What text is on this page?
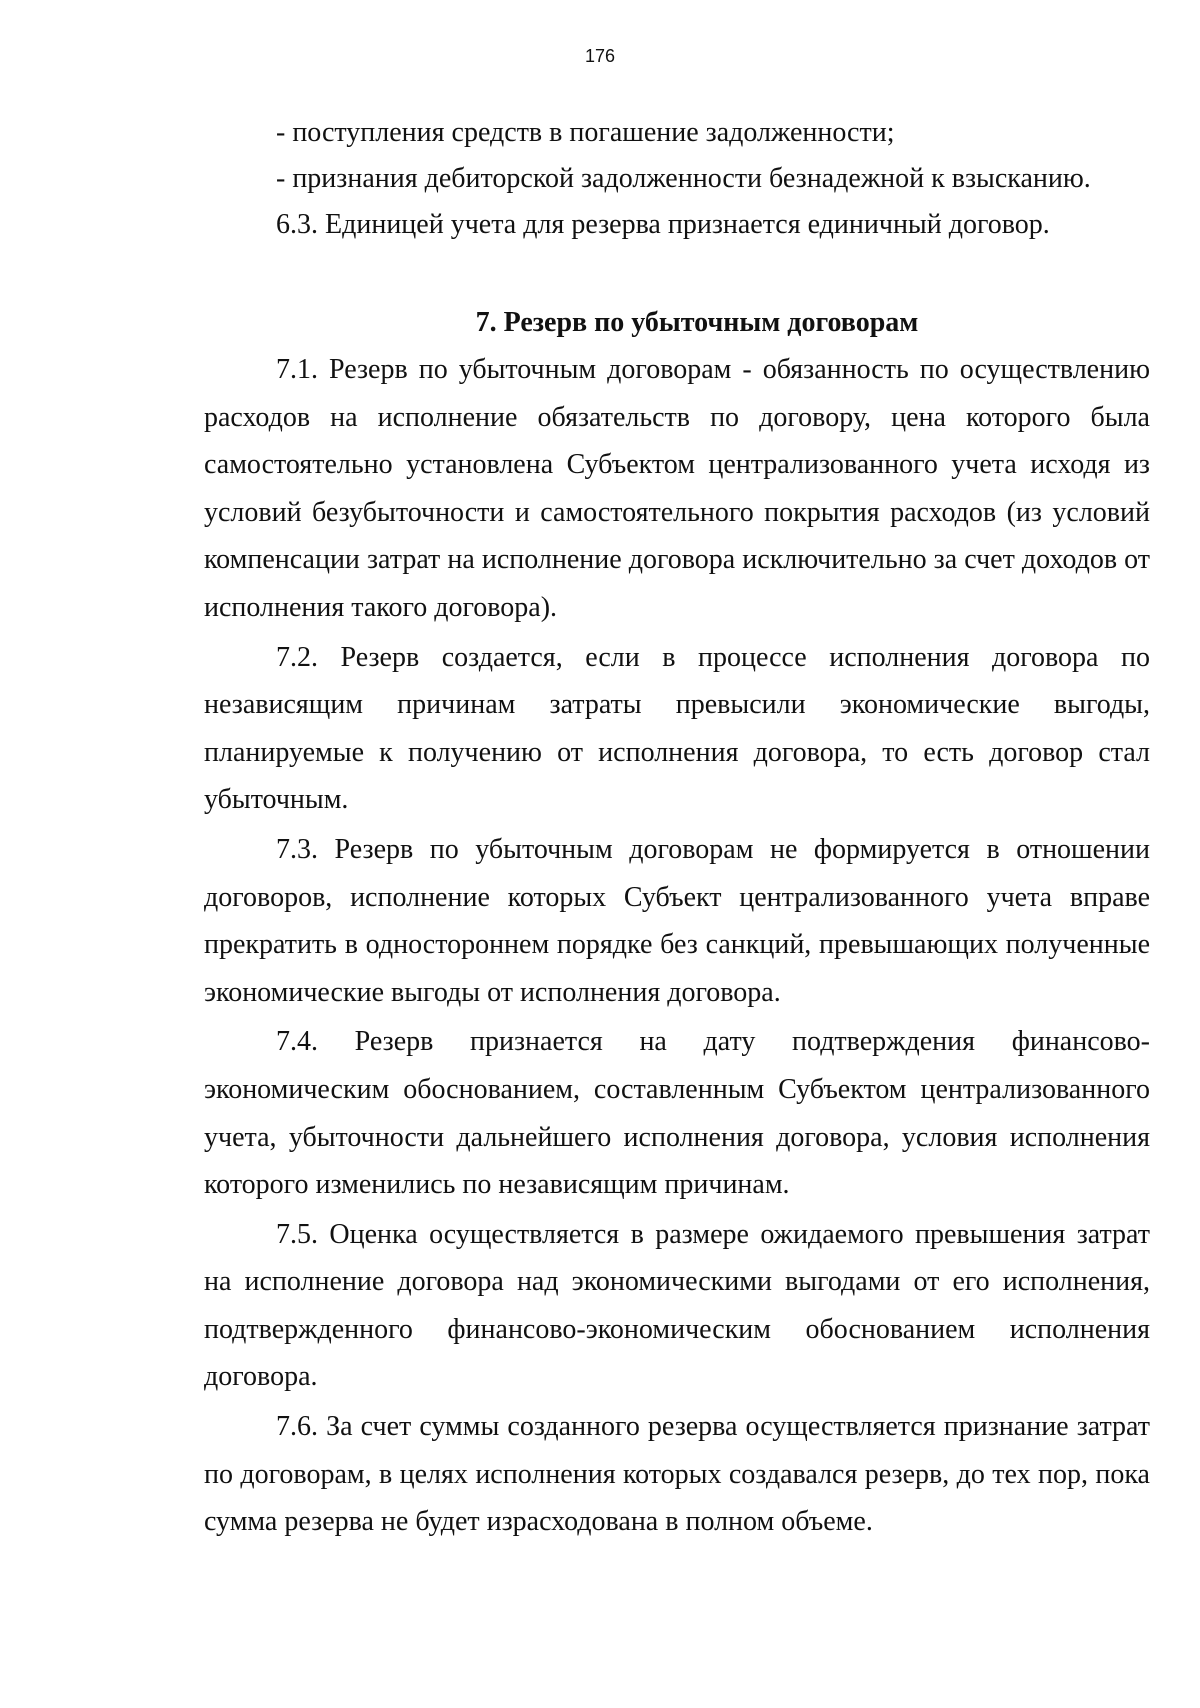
176

- поступления средств в погашение задолженности;

- признания дебиторской задолженности безнадежной к взысканию.

6.3. Единицей учета для резерва признается единичный договор.

7. Резерв по убыточным договорам

7.1. Резерв по убыточным договорам - обязанность по осуществлению расходов на исполнение обязательств по договору, цена которого была самостоятельно установлена Субъектом централизованного учета исходя из условий безубыточности и самостоятельного покрытия расходов (из условий компенсации затрат на исполнение договора исключительно за счет доходов от исполнения такого договора).

7.2. Резерв создается, если в процессе исполнения договора по независящим причинам затраты превысили экономические выгоды, планируемые к получению от исполнения договора, то есть договор стал убыточным.

7.3. Резерв по убыточным договорам не формируется в отношении договоров, исполнение которых Субъект централизованного учета вправе прекратить в одностороннем порядке без санкций, превышающих полученные экономические выгоды от исполнения договора.

7.4. Резерв признается на дату подтверждения финансово-экономическим обоснованием, составленным Субъектом централизованного учета, убыточности дальнейшего исполнения договора, условия исполнения которого изменились по независящим причинам.

7.5. Оценка осуществляется в размере ожидаемого превышения затрат на исполнение договора над экономическими выгодами от его исполнения, подтвержденного финансово-экономическим обоснованием исполнения договора.

7.6. За счет суммы созданного резерва осуществляется признание затрат по договорам, в целях исполнения которых создавался резерв, до тех пор, пока сумма резерва не будет израсходована в полном объеме.
